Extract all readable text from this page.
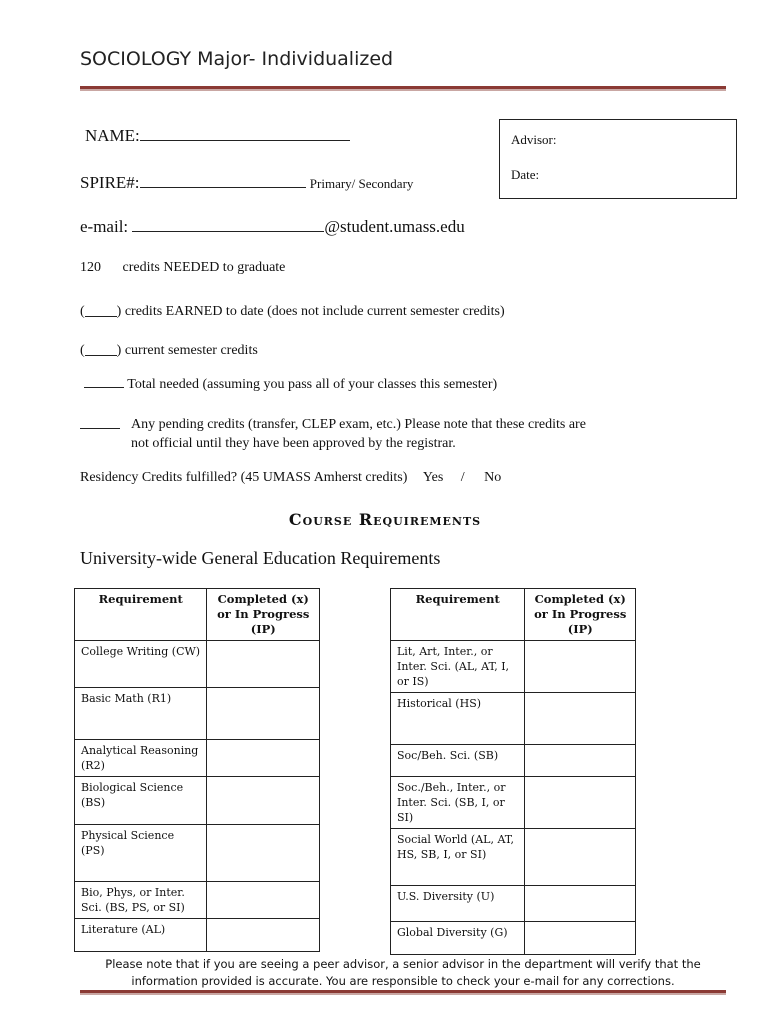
SOCIOLOGY Major- Individualized
Advisor:
Date:
NAME:
SPIRE#:	Primary/ Secondary
e-mail:	@student.umass.edu
120 credits NEEDED to graduate
( ) credits EARNED to date (does not include current semester credits)
( ) current semester credits
Total needed (assuming you pass all of your classes this semester)
Any pending credits (transfer, CLEP exam, etc.) Please note that these credits are
not official until they have been approved by the registrar.
Residency Credits fulfilled? (45 UMASS Amherst credits) Yes / No
Course Requirements
University-wide General Education Requirements
Requirement	Completed (x)
or In Progress
(IP)

College Writing (CW)	
Basic Math (R1)	
Analytical Reasoning (R2)	
Biological Science (BS)	
Physical Science (PS)	
Bio, Phys, or Inter. Sci. (BS, PS, or SI)	
Literature (AL)	
Requirement	Completed (x)
or In Progress
(IP)

Lit, Art, Inter., or Inter. Sci. (AL, AT, I, or IS)	
Historical (HS)	
Soc/Beh. Sci. (SB)	
Soc./Beh., Inter., or Inter. Sci. (SB, I, or SI)	
Social World (AL, AT, HS, SB, I, or SI)	
U.S. Diversity (U)	
Global Diversity (G)	
Please note that if you are seeing a peer advisor, a senior advisor in the department will verify that the
information provided is accurate. You are responsible to check your e-mail for any corrections.
